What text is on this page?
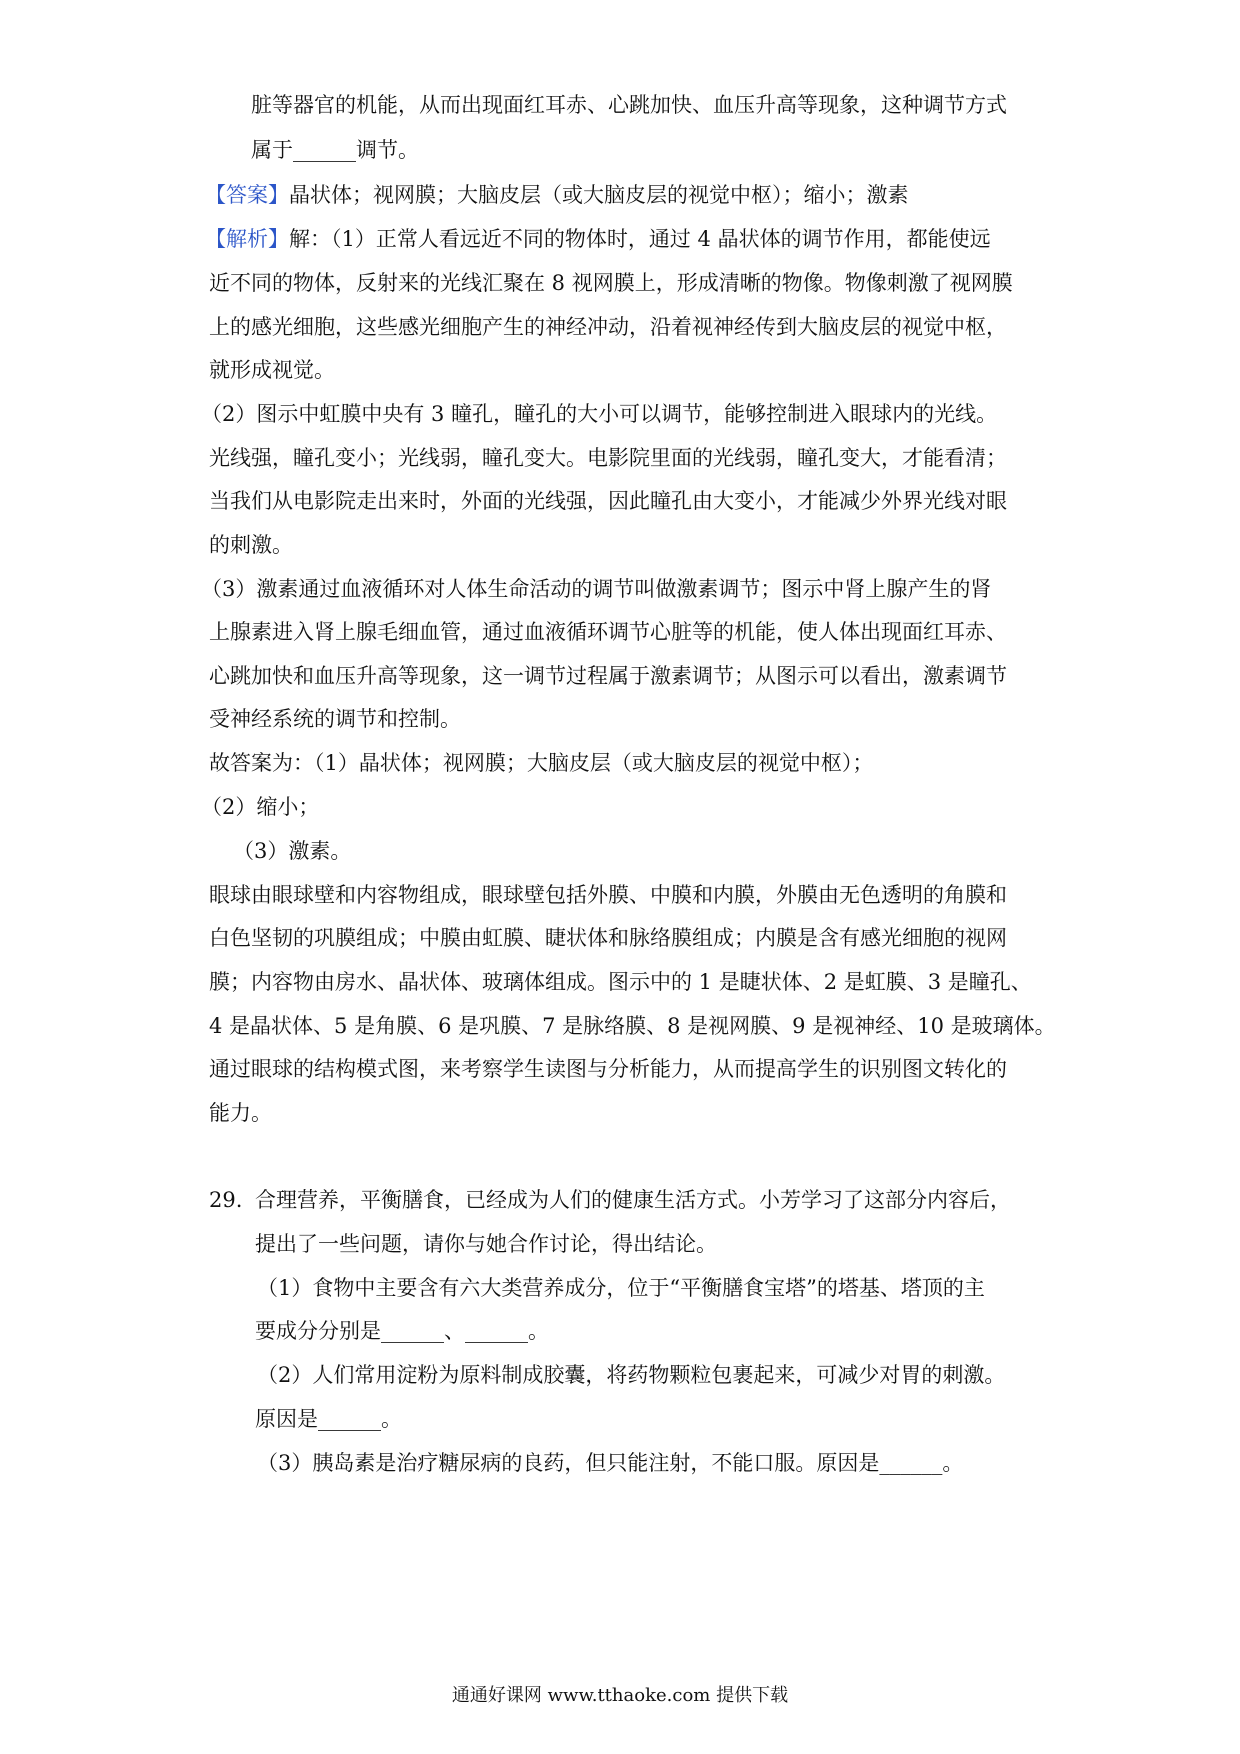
脏等器官的机能，从而出现面红耳赤、心跳加快、血压升高等现象，这种调节方式
属于______调节。
【答案】晶状体；视网膜；大脑皮层（或大脑皮层的视觉中枢）；缩小；激素
【解析】解：（1）正常人看远近不同的物体时，通过 4 晶状体的调节作用，都能使远
近不同的物体，反射来的光线汇聚在 8 视网膜上，形成清晰的物像。物像刺激了视网膜
上的感光细胞，这些感光细胞产生的神经冲动，沿着视神经传到大脑皮层的视觉中枢，
就形成视觉。
（2）图示中虹膜中央有 3 瞳孔，瞳孔的大小可以调节，能够控制进入眼球内的光线。
光线强，瞳孔变小；光线弱，瞳孔变大。电影院里面的光线弱，瞳孔变大，才能看清；
当我们从电影院走出来时，外面的光线强，因此瞳孔由大变小，才能减少外界光线对眼
的刺激。
（3）激素通过血液循环对人体生命活动的调节叫做激素调节；图示中肾上腺产生的肾
上腺素进入肾上腺毛细血管，通过血液循环调节心脏等的机能，使人体出现面红耳赤、
心跳加快和血压升高等现象，这一调节过程属于激素调节；从图示可以看出，激素调节
受神经系统的调节和控制。
故答案为：（1）晶状体；视网膜；大脑皮层（或大脑皮层的视觉中枢）；
（2）缩小；
（3）激素。
眼球由眼球壁和内容物组成，眼球壁包括外膜、中膜和内膜，外膜由无色透明的角膜和
白色坚韧的巩膜组成；中膜由虹膜、睫状体和脉络膜组成；内膜是含有感光细胞的视网
膜；内容物由房水、晶状体、玻璃体组成。图示中的 1 是睫状体、2 是虹膜、3 是瞳孔、
4 是晶状体、5 是角膜、6 是巩膜、7 是脉络膜、8 是视网膜、9 是视神经、10 是玻璃体。
通过眼球的结构模式图，来考察学生读图与分析能力，从而提高学生的识别图文转化的
能力。
29. 合理营养，平衡膳食，已经成为人们的健康生活方式。小芳学习了这部分内容后，
提出了一些问题，请你与她合作讨论，得出结论。
（1）食物中主要含有六大类营养成分，位于“平衡膳食宝塔”的塔基、塔顶的主
要成分分别是______、______。
（2）人们常用淀粉为原料制成胶囊，将药物颗粒包裹起来，可减少对胃的刺激。
原因是______。
（3）胰岛素是治疗糖尿病的良药，但只能注射，不能口服。原因是______。
通通好课网 www.tthaoke.com 提供下载
